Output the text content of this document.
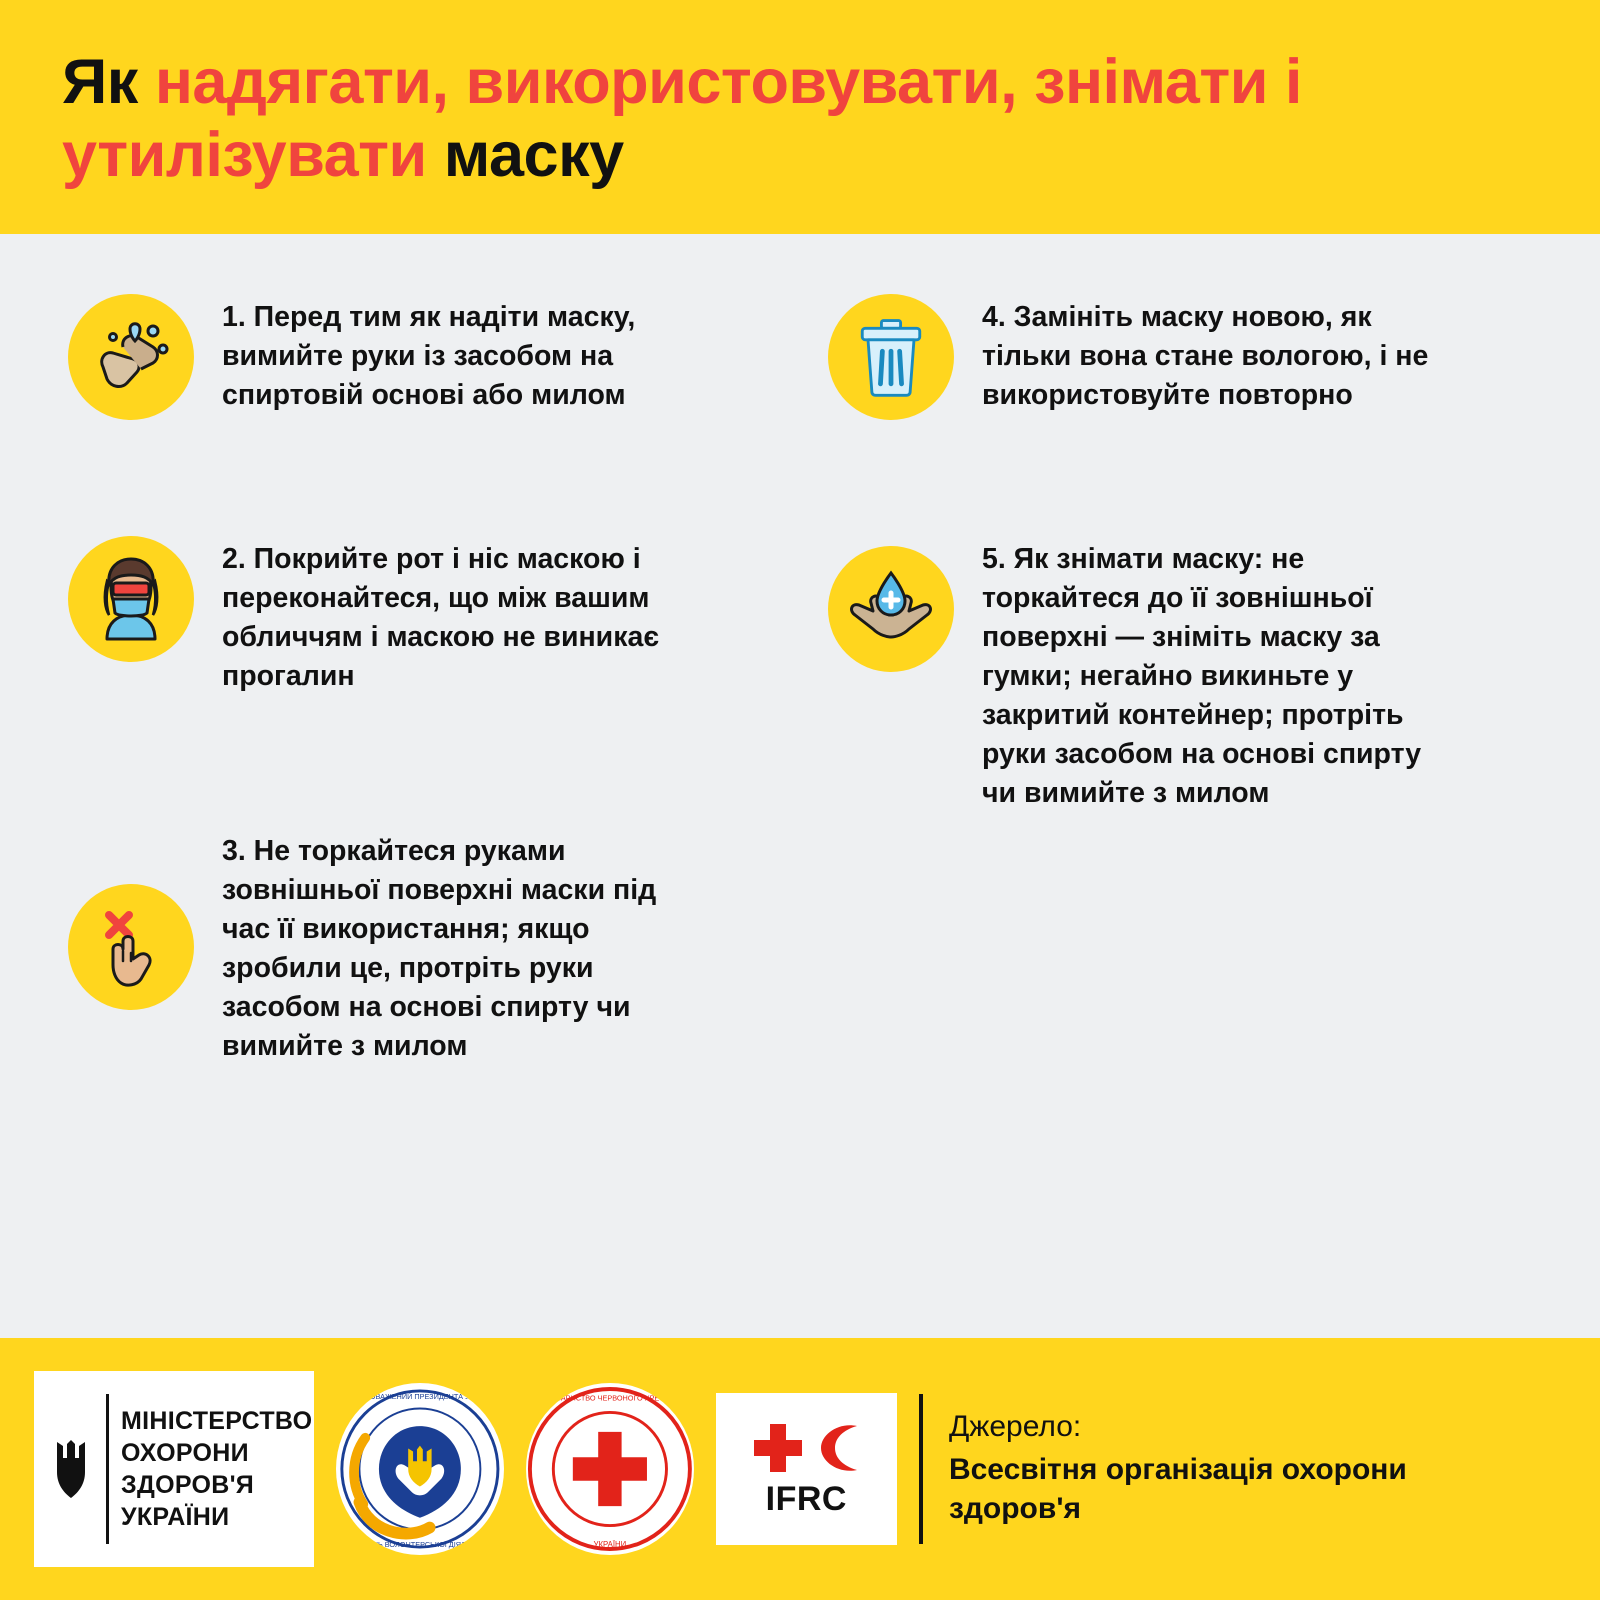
Як надягати, використовувати, знімати і утилізувати маску
1. Перед тим як надіти маску, вимийте руки із засобом на спиртовій основі або милом
2. Покрийте рот і ніс маскою і переконайтеся, що між вашим обличчям і маскою не виникає прогалин
3. Не торкайтеся руками зовнішньої поверхні маски під час її використання; якщо зробили це, протріть руки засобом на основі спирту чи вимийте з милом
4. Замініть маску новою, як тільки вона стане вологою, і не використовуйте повторно
5. Як знімати маску: не торкайтеся до її зовнішньої поверхні — зніміть маску за гумки; негайно викиньте у закритий контейнер; протріть руки засобом на основі спирту чи вимийте з милом
МІНІСТЕРСТВО
ОХОРОНИ
ЗДОРОВ'Я
УКРАЇНИ
УПОВНОВАЖЕНИЙ ПРЕЗИДЕНТА УКРАЇНИ
З ПИТАНЬ ВОЛОНТЕРСЬКОЇ ДІЯЛЬНОСТІ
ТОВАРИСТВО ЧЕРВОНОГО ХРЕСТА
УКРАЇНИ
IFRC
Джерело:
Всесвітня організація охорони здоров'я
